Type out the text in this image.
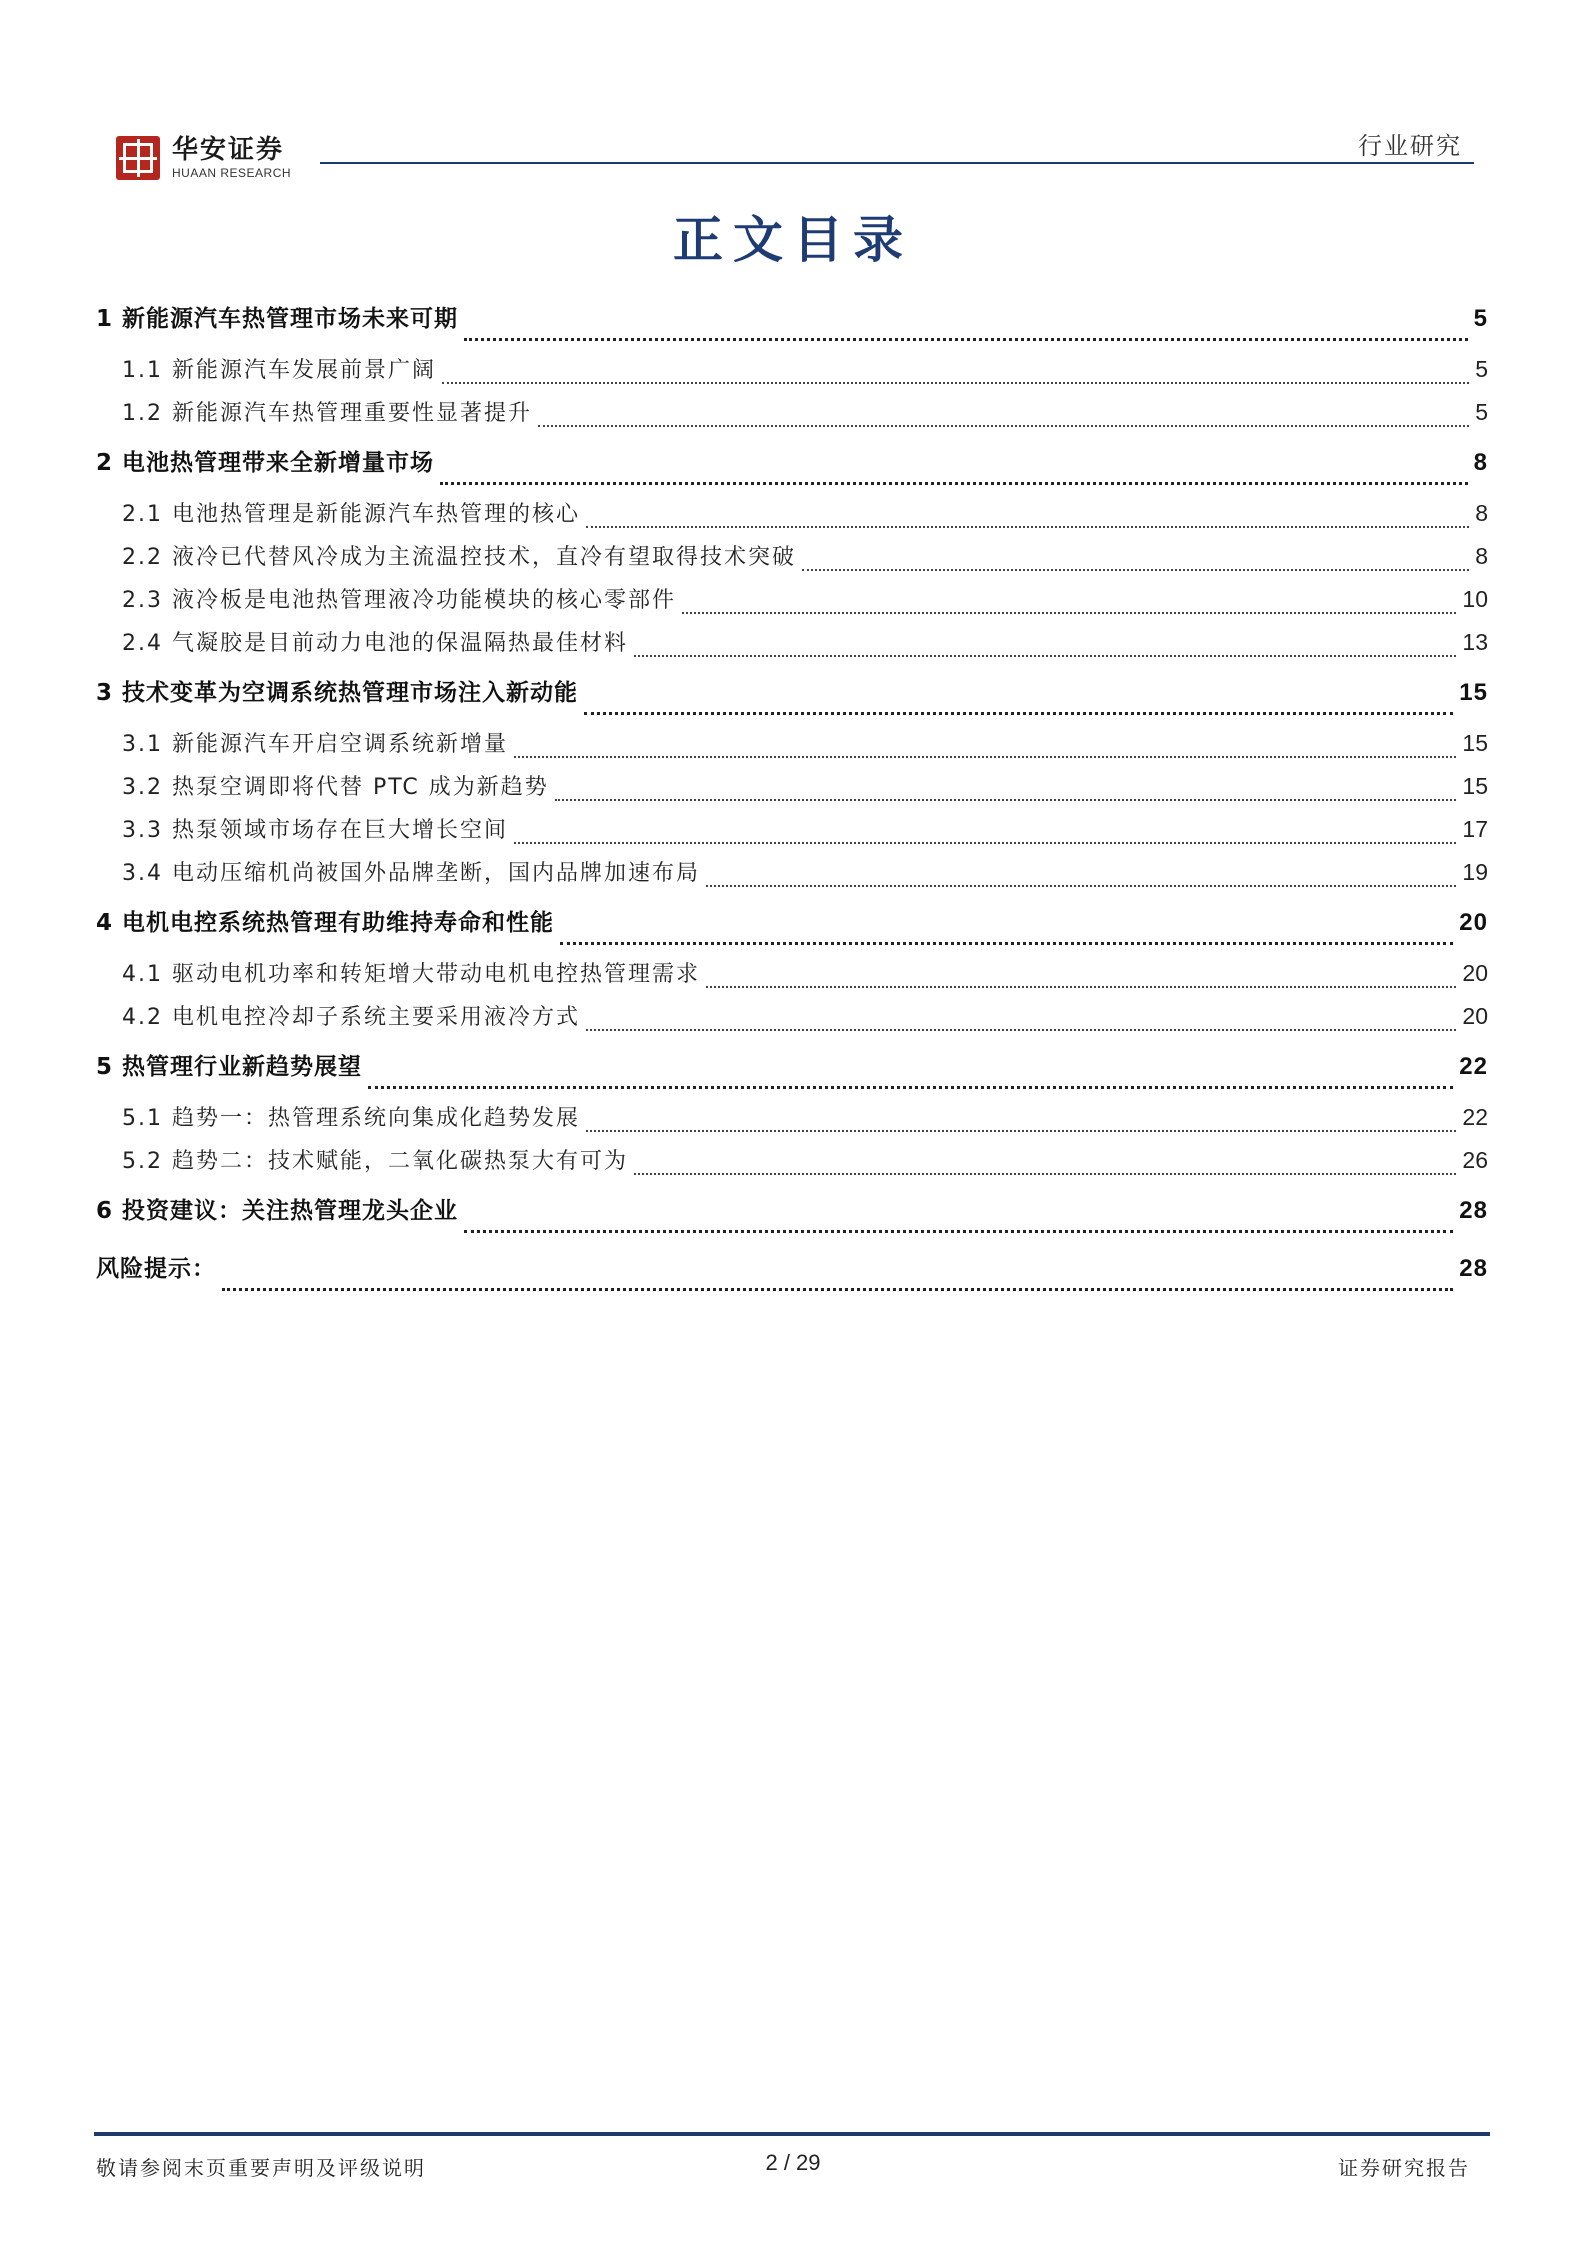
华安证券
HUAAN RESEARCH
行业研究
正文目录
1 新能源汽车热管理市场未来可期	5
1.1 新能源汽车发展前景广阔	5
1.2 新能源汽车热管理重要性显著提升	5
2 电池热管理带来全新增量市场	8
2.1 电池热管理是新能源汽车热管理的核心	8
2.2 液冷已代替风冷成为主流温控技术，直冷有望取得技术突破	8
2.3 液冷板是电池热管理液冷功能模块的核心零部件	10
2.4 气凝胶是目前动力电池的保温隔热最佳材料	13
3 技术变革为空调系统热管理市场注入新动能	15
3.1 新能源汽车开启空调系统新增量	15
3.2 热泵空调即将代替 PTC 成为新趋势	15
3.3 热泵领域市场存在巨大增长空间	17
3.4 电动压缩机尚被国外品牌垄断，国内品牌加速布局	19
4 电机电控系统热管理有助维持寿命和性能	20
4.1 驱动电机功率和转矩增大带动电机电控热管理需求	20
4.2 电机电控冷却子系统主要采用液冷方式	20
5 热管理行业新趋势展望	22
5.1 趋势一：热管理系统向集成化趋势发展	22
5.2 趋势二：技术赋能，二氧化碳热泵大有可为	26
6 投资建议：关注热管理龙头企业	28
风险提示：	28
敬请参阅末页重要声明及评级说明	2 / 29	证券研究报告
